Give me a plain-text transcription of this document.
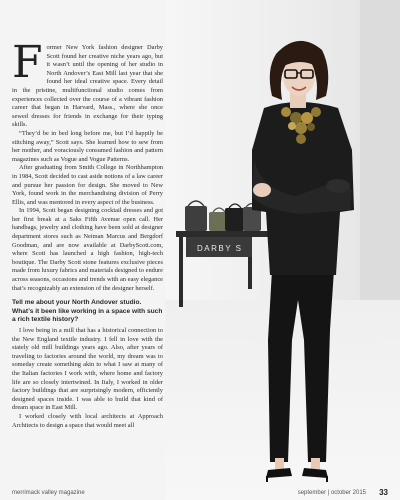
DARBY S

Former New York fashion designer Darby Scott found her creative niche years ago, but it wasn’t until the opening of her studio in North Andover’s East Mill last year that she found her ideal creative space. Every detail in the pristine, multifunctional studio comes from experiences collected over the course of a vibrant fashion career that began in Harvard, Mass., where she once sewed dresses for friends in exchange for their typing skills.

“They’d be in bed long before me, but I’d happily be stitching away,” Scott says. She learned how to sew from her mother, and voraciously consumed fashion and pattern magazines such as Vogue and Vogue Patterns.

After graduating from Smith College in Northhampton in 1984, Scott decided to cast aside notions of a law career and pursue her passion for design. She moved to New York, found work in the merchandising division of Perry Ellis, and was mentored in every aspect of the business.

In 1994, Scott began designing cocktail dresses and got her first break at a Saks Fifth Avenue open call. Her handbags, jewelry and clothing have been sold at designer department stores such as Neiman Marcus and Bergdorf Goodman, and are now available at DarbyScott.com, where Scott has launched a high fashion, high-tech boutique. The Darby Scott stone features exclusive pieces made from luxury fabrics and materials designed to endure across seasons, occasions and trends with an easy elegance that’s recognizably an extension of the designer herself.

Tell me about your North Andover studio. What’s it been like working in a space with such a rich textile history?

I love being in a mill that has a historical connection to the New England textile industry. I fell in love with the stately old mill buildings years ago. Also, after years of traveling to factories around the world, my dream was to someday create something akin to what I saw at many of the Italian factories I work with, where home and factory life are so closely intertwined. In Italy, I worked in older factory buildings that are surprisingly modern, efficiently designed spaces inside. I was able to build that kind of dream space in East Mill.

I worked closely with local architects at Approach Architects to design a space that would meet all

merrimack valley magazine	september | october 2015 33
